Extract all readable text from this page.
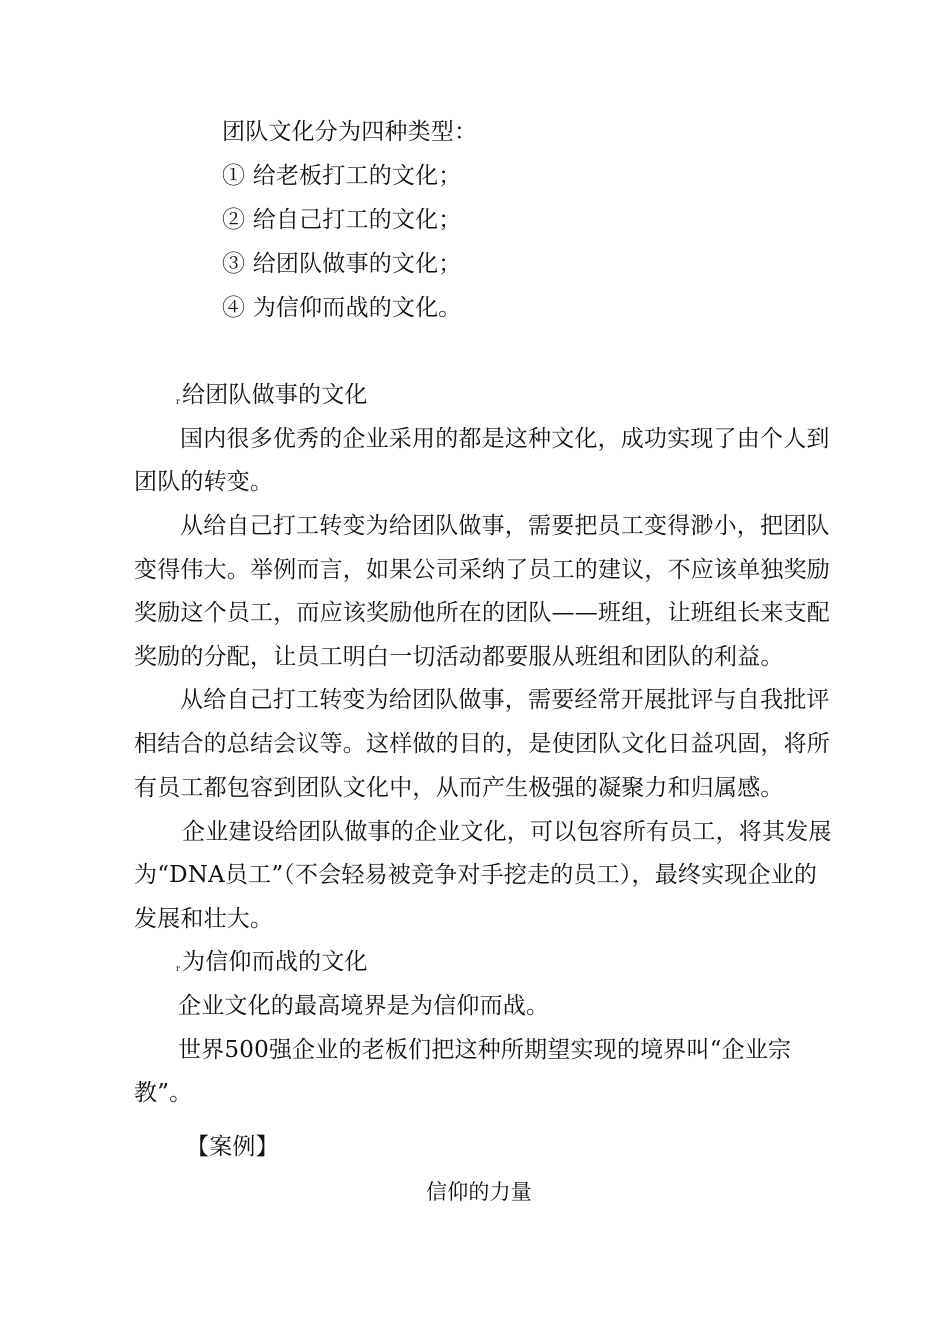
团队文化分为四种类型：

① 给老板打工的文化；

② 给自己打工的文化；

③ 给团队做事的文化；

④ 为信仰而战的文化。

r给团队做事的文化

国内很多优秀的企业采用的都是这种文化，成功实现了由个人到

团队的转变。

从给自己打工转变为给团队做事，需要把员工变得渺小，把团队

变得伟大。举例而言，如果公司采纳了员工的建议，不应该单独奖励

奖励这个员工，而应该奖励他所在的团队——班组，让班组长来支配

奖励的分配，让员工明白一切活动都要服从班组和团队的利益。

从给自己打工转变为给团队做事，需要经常开展批评与自我批评

相结合的总结会议等。这样做的目的，是使团队文化日益巩固，将所

有员工都包容到团队文化中，从而产生极强的凝聚力和归属感。

企业建设给团队做事的企业文化，可以包容所有员工，将其发展

为“DNA员工”（不会轻易被竞争对手挖走的员工），最终实现企业的

发展和壮大。

r为信仰而战的文化

企业文化的最高境界是为信仰而战。

世界500强企业的老板们把这种所期望实现的境界叫“企业宗

教”。

【案例】

信仰的力量
